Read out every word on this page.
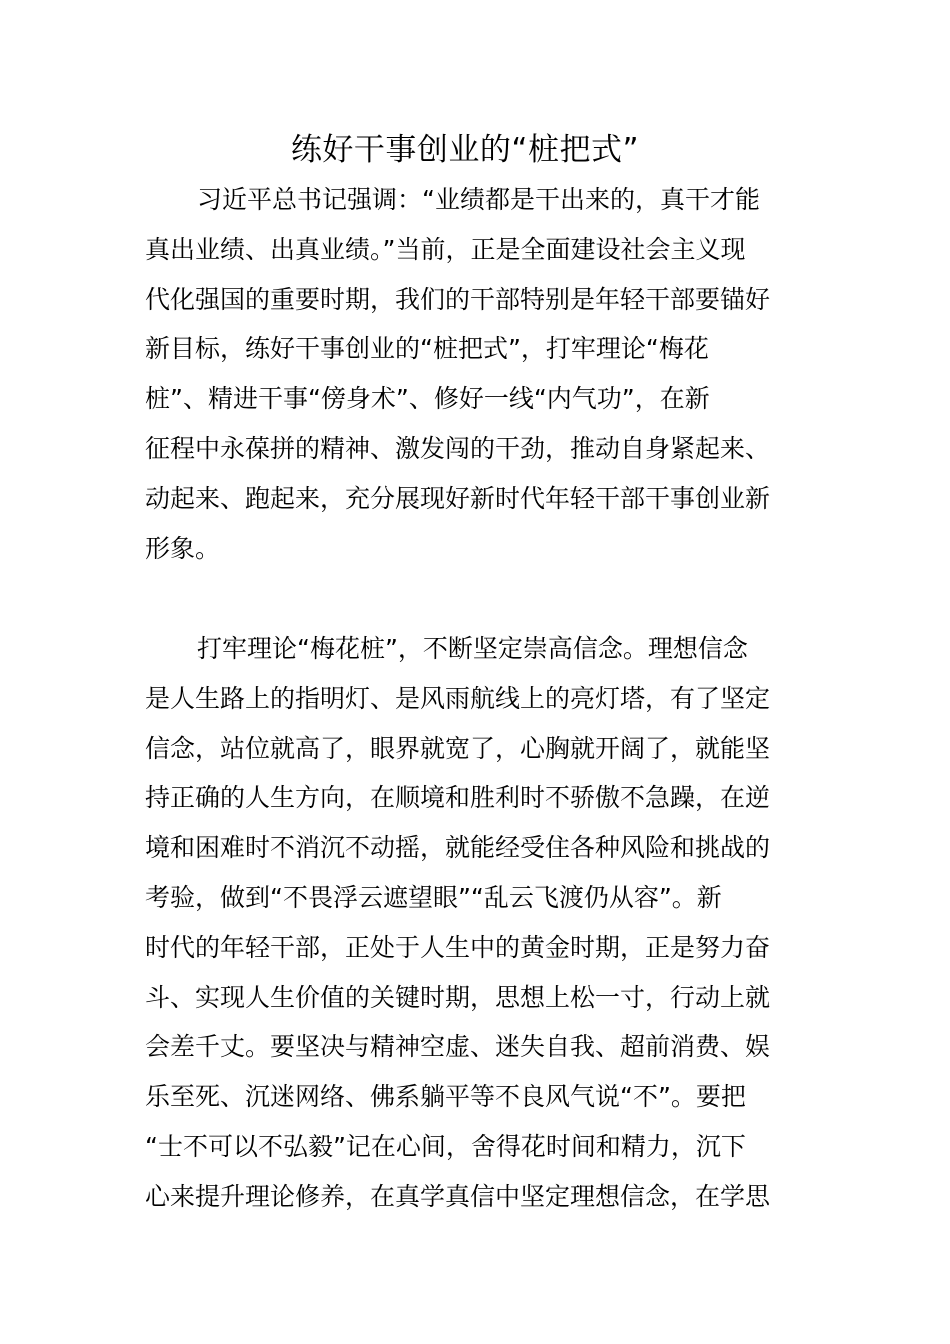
练好干事创业的“桩把式”
习近平总书记强调：“业绩都是干出来的，真干才能
真出业绩、出真业绩。”当前，正是全面建设社会主义现
代化强国的重要时期，我们的干部特别是年轻干部要锚好
新目标，练好干事创业的“桩把式”，打牢理论“梅花
桩”、精进干事“傍身术”、修好一线“内气功”，在新
征程中永葆拼的精神、激发闯的干劲，推动自身紧起来、
动起来、跑起来，充分展现好新时代年轻干部干事创业新
形象。
打牢理论“梅花桩”，不断坚定崇高信念。理想信念
是人生路上的指明灯、是风雨航线上的亮灯塔，有了坚定
信念，站位就高了，眼界就宽了，心胸就开阔了，就能坚
持正确的人生方向，在顺境和胜利时不骄傲不急躁，在逆
境和困难时不消沉不动摇，就能经受住各种风险和挑战的
考验，做到“不畏浮云遮望眼”“乱云飞渡仍从容”。新
时代的年轻干部，正处于人生中的黄金时期，正是努力奋
斗、实现人生价值的关键时期，思想上松一寸，行动上就
会差千丈。要坚决与精神空虚、迷失自我、超前消费、娱
乐至死、沉迷网络、佛系躺平等不良风气说“不”。要把
“士不可以不弘毅”记在心间，舍得花时间和精力，沉下
心来提升理论修养，在真学真信中坚定理想信念，在学思
